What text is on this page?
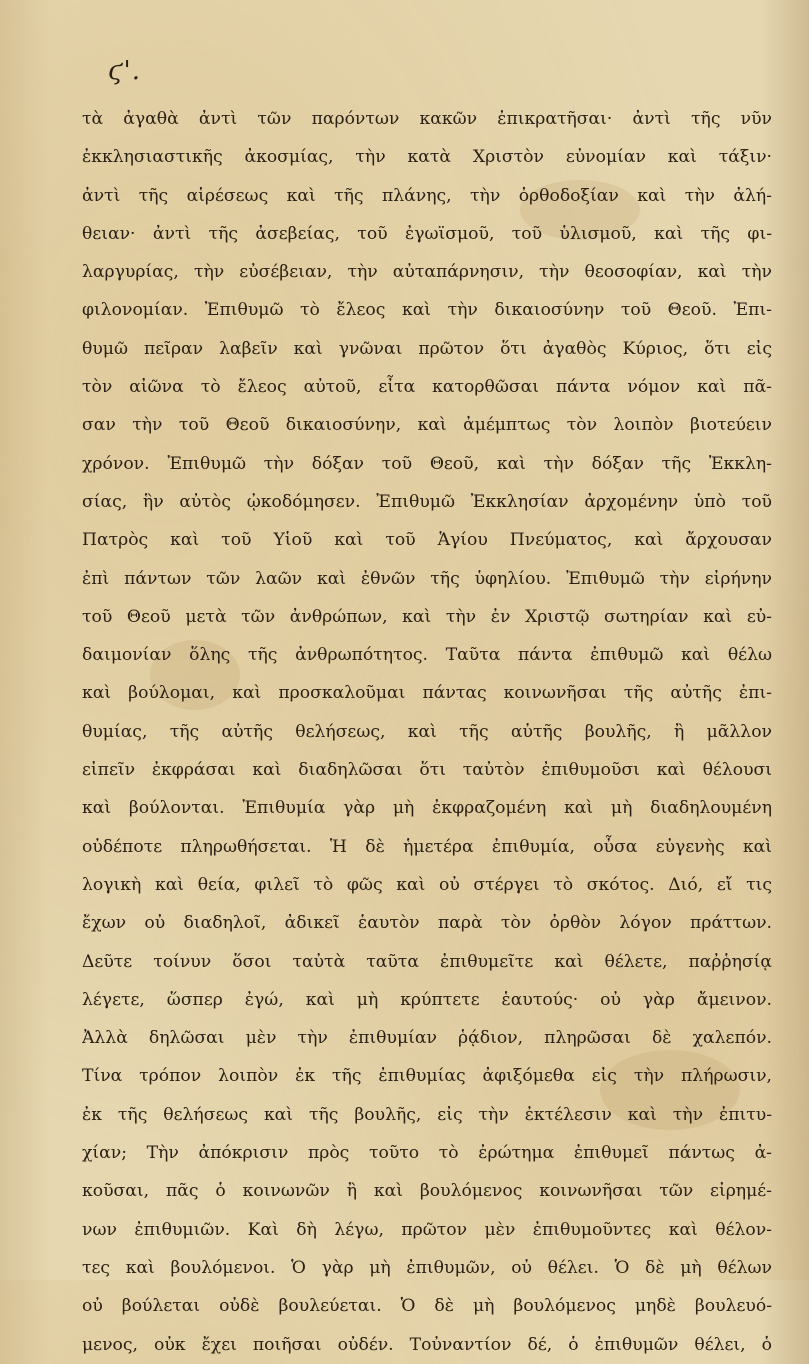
ϛ'.
τὰ ἀγαθὰ ἀντὶ τῶν παρόντων κακῶν ἐπικρατῆσαι· ἀντὶ τῆς νῦν
ἐκκλησιαστικῆς ἀκοσμίας, τὴν κατὰ Χριστὸν εὐνομίαν καὶ τάξιν·
ἀντὶ τῆς αἱρέσεως καὶ τῆς πλάνης, τὴν ὀρθοδοξίαν καὶ τὴν ἀλή-
θειαν· ἀντὶ τῆς ἀσεβείας, τοῦ ἐγωϊσμοῦ, τοῦ ὑλισμοῦ, καὶ τῆς φι-
λαργυρίας, τὴν εὐσέβειαν, τὴν αὐταπάρνησιν, τὴν θεοσοφίαν, καὶ τὴν
φιλονομίαν. Ἐπιθυμῶ τὸ ἔλεος καὶ τὴν δικαιοσύνην τοῦ Θεοῦ. Ἐπι-
θυμῶ πεῖραν λαβεῖν καὶ γνῶναι πρῶτον ὅτι ἀγαθὸς Κύριος, ὅτι εἰς
τὸν αἰῶνα τὸ ἔλεος αὐτοῦ, εἶτα κατορθῶσαι πάντα νόμον καὶ πᾶ-
σαν τὴν τοῦ Θεοῦ δικαιοσύνην, καὶ ἀμέμπτως τὸν λοιπὸν βιοτεύειν
χρόνον. Ἐπιθυμῶ τὴν δόξαν τοῦ Θεοῦ, καὶ τὴν δόξαν τῆς Ἐκκλη-
σίας, ἣν αὐτὸς ᾠκοδόμησεν. Ἐπιθυμῶ Ἐκκλησίαν ἀρχομένην ὑπὸ τοῦ
Πατρὸς καὶ τοῦ Υἱοῦ καὶ τοῦ Ἁγίου Πνεύματος, καὶ ἄρχουσαν
ἐπὶ πάντων τῶν λαῶν καὶ ἐθνῶν τῆς ὑφηλίου. Ἐπιθυμῶ τὴν εἰρήνην
τοῦ Θεοῦ μετὰ τῶν ἀνθρώπων, καὶ τὴν ἐν Χριστῷ σωτηρίαν καὶ εὐ-
δαιμονίαν ὅλης τῆς ἀνθρωπότητος. Ταῦτα πάντα ἐπιθυμῶ καὶ θέλω
καὶ βούλομαι, καὶ προσκαλοῦμαι πάντας κοινωνῆσαι τῆς αὐτῆς ἐπι-
θυμίας, τῆς αὐτῆς θελήσεως, καὶ τῆς αὐτῆς βουλῆς, ἢ μᾶλλον
εἰπεῖν ἐκφράσαι καὶ διαδηλῶσαι ὅτι ταὐτὸν ἐπιθυμοῦσι καὶ θέλουσι
καὶ βούλονται. Ἐπιθυμία γὰρ μὴ ἐκφραζομένη καὶ μὴ διαδηλουμένη
οὐδέποτε πληρωθήσεται. Ἡ δὲ ἡμετέρα ἐπιθυμία, οὖσα εὐγενὴς καὶ
λογικὴ καὶ θεία, φιλεῖ τὸ φῶς καὶ οὐ στέργει τὸ σκότος. Διό, εἴ τις
ἔχων οὐ διαδηλοῖ, ἀδικεῖ ἑαυτὸν παρὰ τὸν ὀρθὸν λόγον πράττων.
Δεῦτε τοίνυν ὅσοι ταὐτὰ ταῦτα ἐπιθυμεῖτε καὶ θέλετε, παῤῥησίᾳ
λέγετε, ὥσπερ ἐγώ, καὶ μὴ κρύπτετε ἑαυτούς· οὐ γὰρ ἄμεινον.
Ἀλλὰ δηλῶσαι μὲν τὴν ἐπιθυμίαν ῥᾴδιον, πληρῶσαι δὲ χαλεπόν.
Τίνα τρόπον λοιπὸν ἐκ τῆς ἐπιθυμίας ἀφιξόμεθα εἰς τὴν πλήρωσιν,
ἐκ τῆς θελήσεως καὶ τῆς βουλῆς, εἰς τὴν ἐκτέλεσιν καὶ τὴν ἐπιτυ-
χίαν; Τὴν ἀπόκρισιν πρὸς τοῦτο τὸ ἐρώτημα ἐπιθυμεῖ πάντως ἀ-
κοῦσαι, πᾶς ὁ κοινωνῶν ἢ καὶ βουλόμενος κοινωνῆσαι τῶν εἰρημέ-
νων ἐπιθυμιῶν. Καὶ δὴ λέγω, πρῶτον μὲν ἐπιθυμοῦντες καὶ θέλον-
τες καὶ βουλόμενοι. Ὁ γὰρ μὴ ἐπιθυμῶν, οὐ θέλει. Ὁ δὲ μὴ θέλων
οὐ βούλεται οὐδὲ βουλεύεται. Ὁ δὲ μὴ βουλόμενος μηδὲ βουλευό-
μενος, οὐκ ἔχει ποιῆσαι οὐδέν. Τοὐναντίον δέ, ὁ ἐπιθυμῶν θέλει, ὁ
